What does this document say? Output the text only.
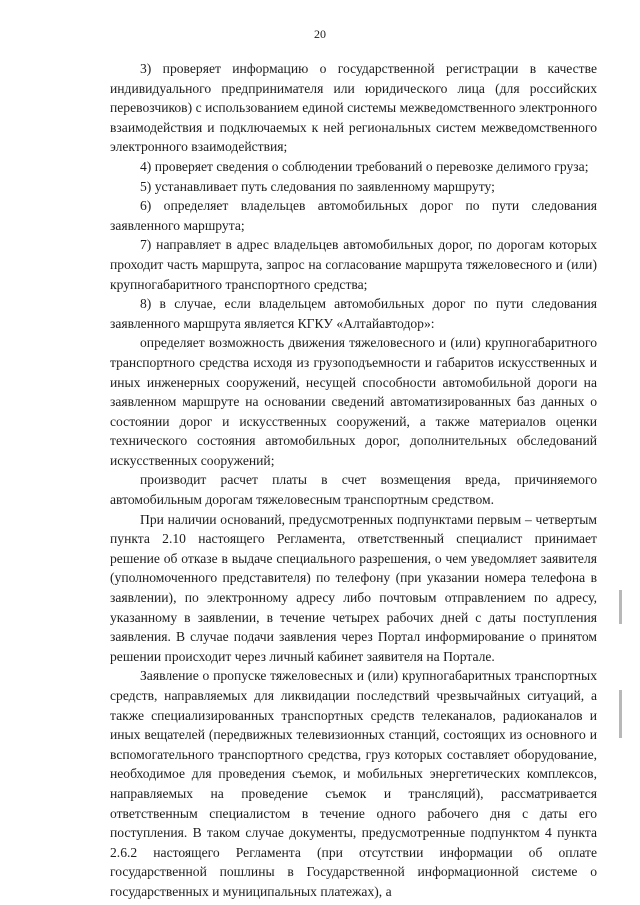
20

3) проверяет информацию о государственной регистрации в качестве индивидуального предпринимателя или юридического лица (для российских перевозчиков) с использованием единой системы межведомственного электронного взаимодействия и подключаемых к ней региональных систем межведомственного электронного взаимодействия;

4) проверяет сведения о соблюдении требований о перевозке делимого груза;

5) устанавливает путь следования по заявленному маршруту;

6) определяет владельцев автомобильных дорог по пути следования заявленного маршрута;

7) направляет в адрес владельцев автомобильных дорог, по дорогам которых проходит часть маршрута, запрос на согласование маршрута тяжеловесного и (или) крупногабаритного транспортного средства;

8) в случае, если владельцем автомобильных дорог по пути следования заявленного маршрута является КГКУ «Алтайавтодор»:

определяет возможность движения тяжеловесного и (или) крупногабаритного транспортного средства исходя из грузоподъемности и габаритов искусственных и иных инженерных сооружений, несущей способности автомобильной дороги на заявленном маршруте на основании сведений автоматизированных баз данных о состоянии дорог и искусственных сооружений, а также материалов оценки технического состояния автомобильных дорог, дополнительных обследований искусственных сооружений;

производит расчет платы в счет возмещения вреда, причиняемого автомобильным дорогам тяжеловесным транспортным средством.

При наличии оснований, предусмотренных подпунктами первым – четвертым пункта 2.10 настоящего Регламента, ответственный специалист принимает решение об отказе в выдаче специального разрешения, о чем уведомляет заявителя (уполномоченного представителя) по телефону (при указании номера телефона в заявлении), по электронному адресу либо почтовым отправлением по адресу, указанному в заявлении, в течение четырех рабочих дней с даты поступления заявления. В случае подачи заявления через Портал информирование о принятом решении происходит через личный кабинет заявителя на Портале.

Заявление о пропуске тяжеловесных и (или) крупногабаритных транспортных средств, направляемых для ликвидации последствий чрезвычайных ситуаций, а также специализированных транспортных средств телеканалов, радиоканалов и иных вещателей (передвижных телевизионных станций, состоящих из основного и вспомогательного транспортного средства, груз которых составляет оборудование, необходимое для проведения съемок, и мобильных энергетических комплексов, направляемых на проведение съемок и трансляций), рассматривается ответственным специалистом в течение одного рабочего дня с даты его поступления. В таком случае документы, предусмотренные подпунктом 4 пункта 2.6.2 настоящего Регламента (при отсутствии информации об оплате государственной пошлины в Государственной информационной системе о государственных и муниципальных платежах), а
